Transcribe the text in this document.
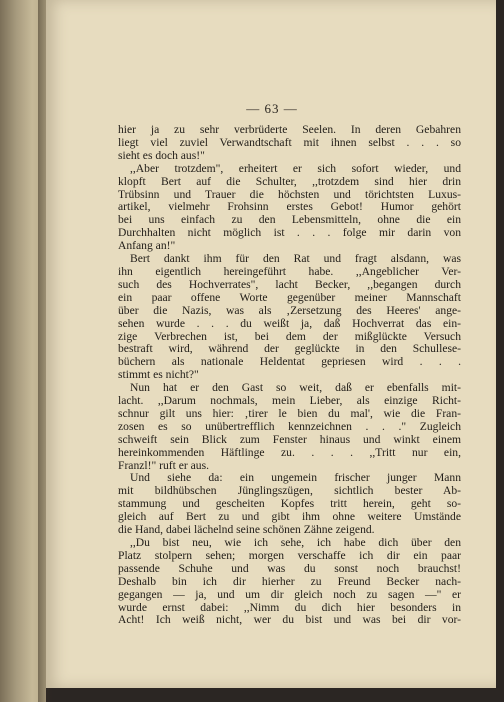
— 63 —
hier ja zu sehr verbrüderte Seelen. In deren Gebahren
liegt viel zuviel Verwandtschaft mit ihnen selbst . . . so
sieht es doch aus!"
,,Aber trotzdem", erheitert er sich sofort wieder, und
klopft Bert auf die Schulter, ,,trotzdem sind hier drin
Trübsinn und Trauer die höchsten und törichtsten Luxus-
artikel, vielmehr Frohsinn erstes Gebot! Humor gehört
bei uns einfach zu den Lebensmitteln, ohne die ein
Durchhalten nicht möglich ist . . . folge mir darin von
Anfang an!"
Bert dankt ihm für den Rat und fragt alsdann, was
ihn eigentlich hereingeführt habe. ,,Angeblicher Ver-
such des Hochverrates", lacht Becker, ,,begangen durch
ein paar offene Worte gegenüber meiner Mannschaft
über die Nazis, was als ‚Zersetzung des Heeres' ange-
sehen wurde . . . du weißt ja, daß Hochverrat das ein-
zige Verbrechen ist, bei dem der mißglückte Versuch
bestraft wird, während der geglückte in den Schullese-
büchern als nationale Heldentat gepriesen wird . . .
stimmt es nicht?"
Nun hat er den Gast so weit, daß er ebenfalls mit-
lacht. ,,Darum nochmals, mein Lieber, als einzige Richt-
schnur gilt uns hier: ‚tirer le bien du mal', wie die Fran-
zosen es so unübertrefflich kennzeichnen . . ." Zugleich
schweift sein Blick zum Fenster hinaus und winkt einem
hereinkommenden Häftlinge zu. . . . ,,Tritt nur ein,
Franzl!" ruft er aus.
Und siehe da: ein ungemein frischer junger Mann
mit bildhübschen Jünglingszügen, sichtlich bester Ab-
stammung und gescheiten Kopfes tritt herein, geht so-
gleich auf Bert zu und gibt ihm ohne weitere Umstände
die Hand, dabei lächelnd seine schönen Zähne zeigend.
,,Du bist neu, wie ich sehe, ich habe dich über den
Platz stolpern sehen; morgen verschaffe ich dir ein paar
passende Schuhe und was du sonst noch brauchst!
Deshalb bin ich dir hierher zu Freund Becker nach-
gegangen — ja, und um dir gleich noch zu sagen —" er
wurde ernst dabei: ,,Nimm du dich hier besonders in
Acht! Ich weiß nicht, wer du bist und was bei dir vor-
